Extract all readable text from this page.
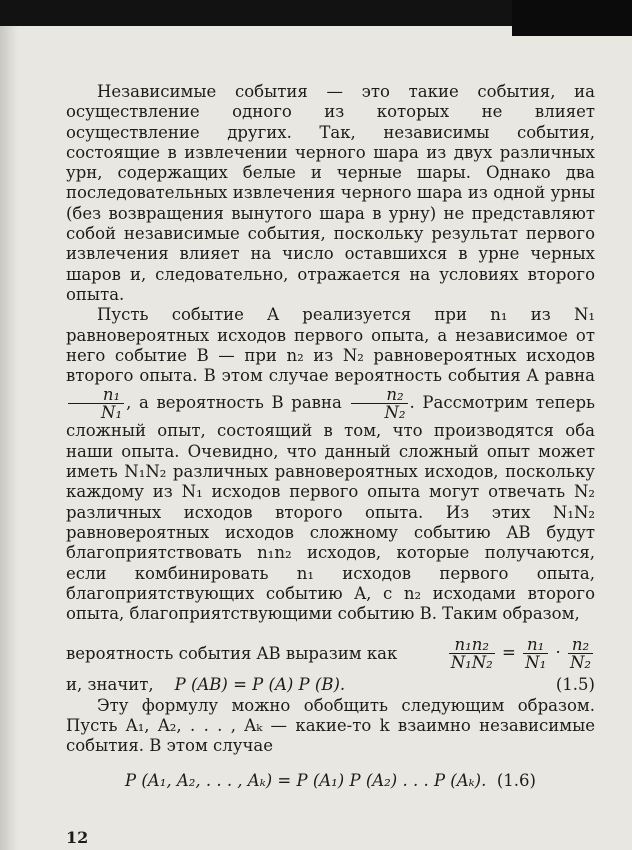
Независимые события — это такие события, иа осуществление одного из которых не влияет осуществление других. Так, независимы события, состоящие в извлечении черного шара из двух различных урн, содержащих белые и черные шары. Однако два последовательных извлечения черного шара из одной урны (без возвращения вынутого шара в урну) не представляют собой независимые события, поскольку результат первого извлечения влияет на число оставшихся в урне черных шаров и, следовательно, отражается на условиях второго опыта.

Пусть событие A реализуется при n₁ из N₁ равновероятных исходов первого опыта, а независимое от него событие B — при n₂ из N₂ равновероятных исходов второго опыта. В этом случае вероятность события A равна
$\frac{\text{n₁}}{\text{N₁}}$ , а вероятность B равна $\frac{\text{n₂}}{\text{N₂}}$ . Рассмотрим теперь сложный опыт, состоящий в том, что производятся оба наши опыта. Очевидно, что данный сложный опыт может иметь N₁N₂ различных равновероятных исходов, поскольку каждому из N₁ исходов первого опыта могут отвечать N₂ различных исходов второго опыта. Из этих N₁N₂ равновероятных исходов сложному событию AB будут благоприятствовать n₁n₂ исходов, которые получаются, если комбинировать n₁ исходов первого опыта, благоприятствующих событию A, с n₂ исходами второго опыта, благоприятствующими событию B. Таким образом,

вероятность события AB выразим как	$\frac{\text{n₁n₂}}{\text{N₁N₂}} = \frac{\text{n₁}}{\text{N₁}} \cdot \frac{\text{n₂}}{\text{N₂}}$
и, значит, P (AB) = P (A) P (B).	(1.5)

Эту формулу можно обобщить следующим образом. Пусть A₁, A₂, . . . , Aₖ — какие-то k взаимно независимые события. В этом случае

P (A₁, A₂, . . . , Aₖ) = P (A₁) P (A₂) . . . P (Aₖ).
(1.6)
12
